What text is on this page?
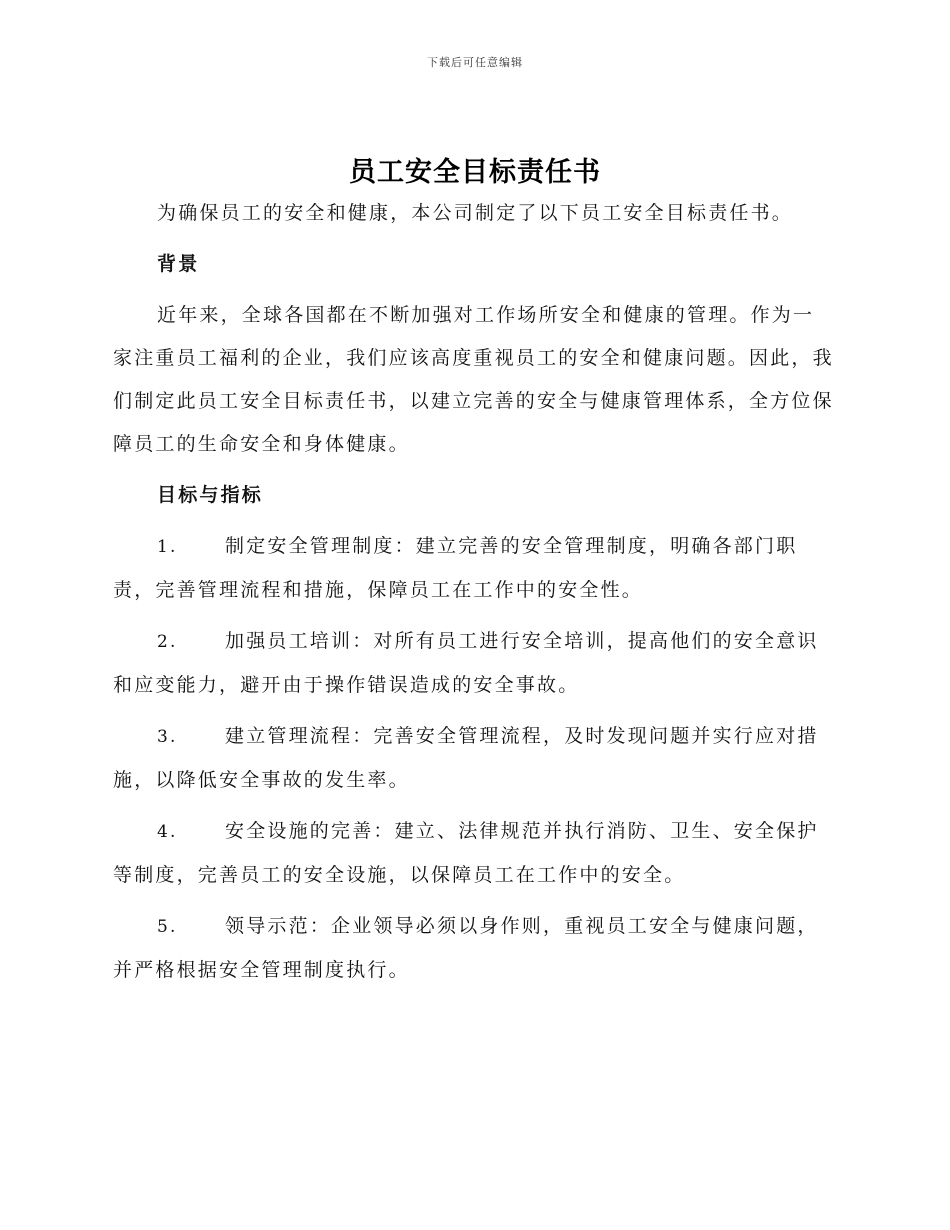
下载后可任意编辑
员工安全目标责任书

为确保员工的安全和健康，本公司制定了以下员工安全目标责任书。

背景

近年来，全球各国都在不断加强对工作场所安全和健康的管理。作为一家注重员工福利的企业，我们应该高度重视员工的安全和健康问题。因此，我们制定此员工安全目标责任书，以建立完善的安全与健康管理体系，全方位保障员工的生命安全和身体健康。

目标与指标

1. 制定安全管理制度：建立完善的安全管理制度，明确各部门职责，完善管理流程和措施，保障员工在工作中的安全性。

2. 加强员工培训：对所有员工进行安全培训，提高他们的安全意识和应变能力，避开由于操作错误造成的安全事故。

3. 建立管理流程：完善安全管理流程，及时发现问题并实行应对措施，以降低安全事故的发生率。

4. 安全设施的完善：建立、法律规范并执行消防、卫生、安全保护等制度，完善员工的安全设施，以保障员工在工作中的安全。

5. 领导示范：企业领导必须以身作则，重视员工安全与健康问题，并严格根据安全管理制度执行。
